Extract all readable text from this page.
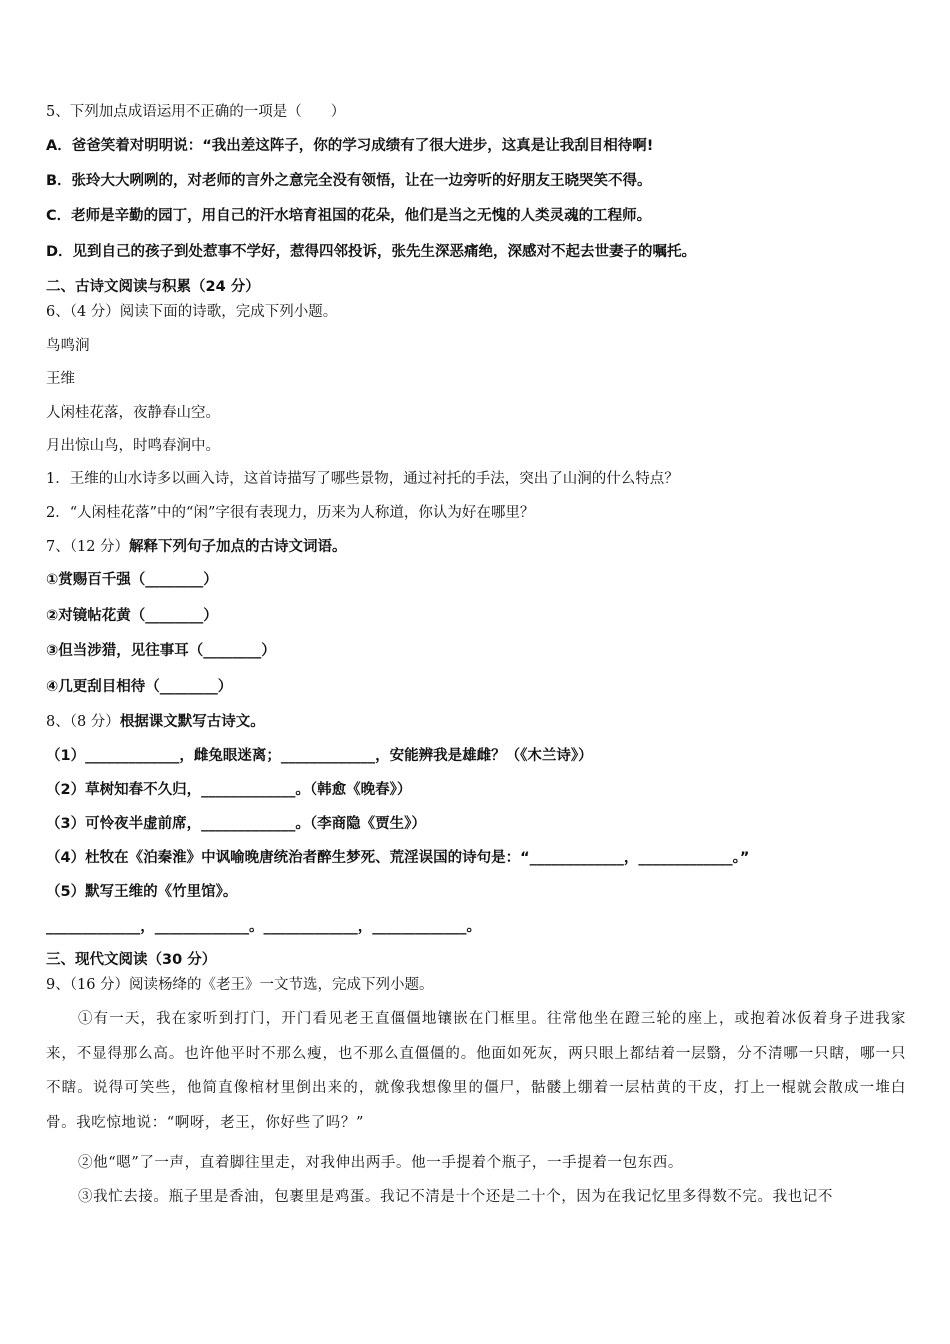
5、下列加点成语运用不正确的一项是（　　）
A．爸爸笑着对明明说：“我出差这阵子，你的学习成绩有了很大进步，这真是让我刮目相待啊!
B．张玲大大咧咧的，对老师的言外之意完全没有领悟，让在一边旁听的好朋友王晓哭笑不得。
C．老师是辛勤的园丁，用自己的汗水培育祖国的花朵，他们是当之无愧的人类灵魂的工程师。
D．见到自己的孩子到处惹事不学好，惹得四邻投诉，张先生深恶痛绝，深感对不起去世妻子的嘱托。
二、古诗文阅读与积累（24 分）
6、（4 分）阅读下面的诗歌，完成下列小题。
鸟鸣涧
王维
人闲桂花落，夜静春山空。
月出惊山鸟，时鸣春涧中。
1．王维的山水诗多以画入诗，这首诗描写了哪些景物，通过衬托的手法，突出了山涧的什么特点？
2．“人闲桂花落”中的“闲”字很有表现力，历来为人称道，你认为好在哪里？
7、（12 分）解释下列句子加点的古诗文词语。
①赏赐百千强（________）
②对镜帖花黄（________）
③但当涉猎，见往事耳（________）
④几更刮目相待（________）
8、（8 分）根据课文默写古诗文。
（1）_____________，雌兔眼迷离；_____________，安能辨我是雄雌？（《木兰诗》）
（2）草树知春不久归，_____________。（韩愈《晚春》）
（3）可怜夜半虚前席，_____________。（李商隐《贾生》）
（4）杜牧在《泊秦淮》中讽喻晚唐统治者醉生梦死、荒淫误国的诗句是：“_____________，_____________。”
（5）默写王维的《竹里馆》。
_____________，_____________。_____________，_____________。
三、现代文阅读（30 分）
9、（16 分）阅读杨绛的《老王》一文节选，完成下列小题。
①有一天，我在家听到打门，开门看见老王直僵僵地镶嵌在门框里。往常他坐在蹬三轮的座上，或抱着冰仮着身子进我家来，不显得那么高。也许他平时不那么瘦，也不那么直僵僵的。他面如死灰，两只眼上都结着一层翳，分不清哪一只瞎，哪一只不瞎。说得可笑些，他简直像棺材里倒出来的，就像我想像里的僵尸，骷髅上绷着一层枯黄的干皮，打上一棍就会散成一堆白骨。我吃惊地说：“啊呀，老王，你好些了吗？”
②他“嗯”了一声，直着脚往里走，对我伸出两手。他一手提着个瓶子，一手提着一包东西。
③我忙去接。瓶子里是香油，包裹里是鸡蛋。我记不清是十个还是二十个，因为在我记忆里多得数不完。我也记不
